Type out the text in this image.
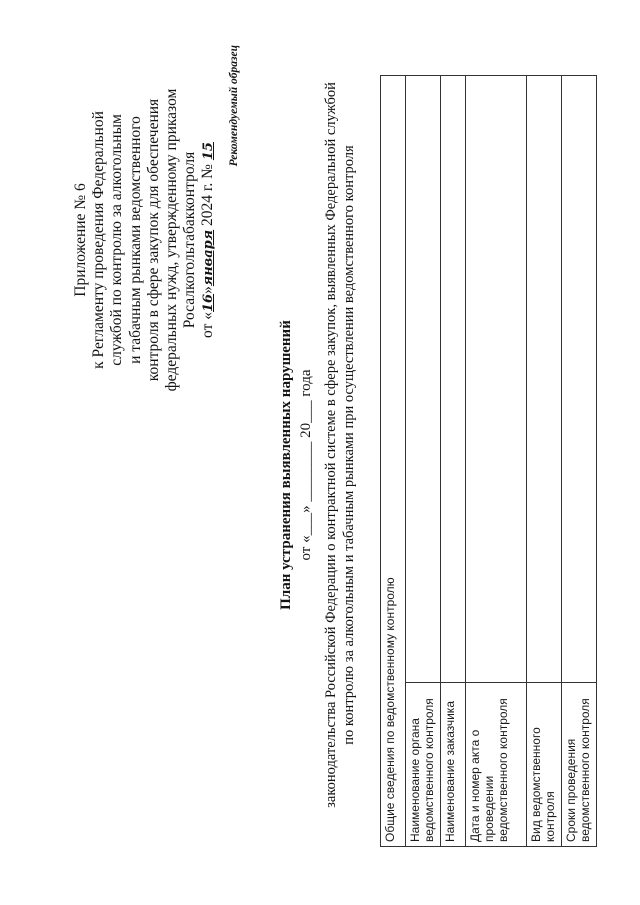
Приложение № 6 к Регламенту проведения Федеральной службой по контролю за алкогольным и табачным рынками ведомственного контроля в сфере закупок для обеспечения федеральных нужд, утвержденному приказом Росалкогольтабакконтроля от «16»января 2024 г. № 15 Рекомендуемый образец
План устранения выявленных нарушений от «___» ________ 20___ года законодательства Российской Федерации о контрактной системе в сфере закупок, выявленных Федеральной службой по контролю за алкогольным и табачным рынками при осуществлении ведомственного контроля Общие сведения по ведомственному контролю	
Наименование органа ведомственного контроля	
Наименование заказчика	
Дата и номер акта о проведении ведомственного контроля	
Вид ведомственного контроля	
Сроки проведения ведомственного контроля	
